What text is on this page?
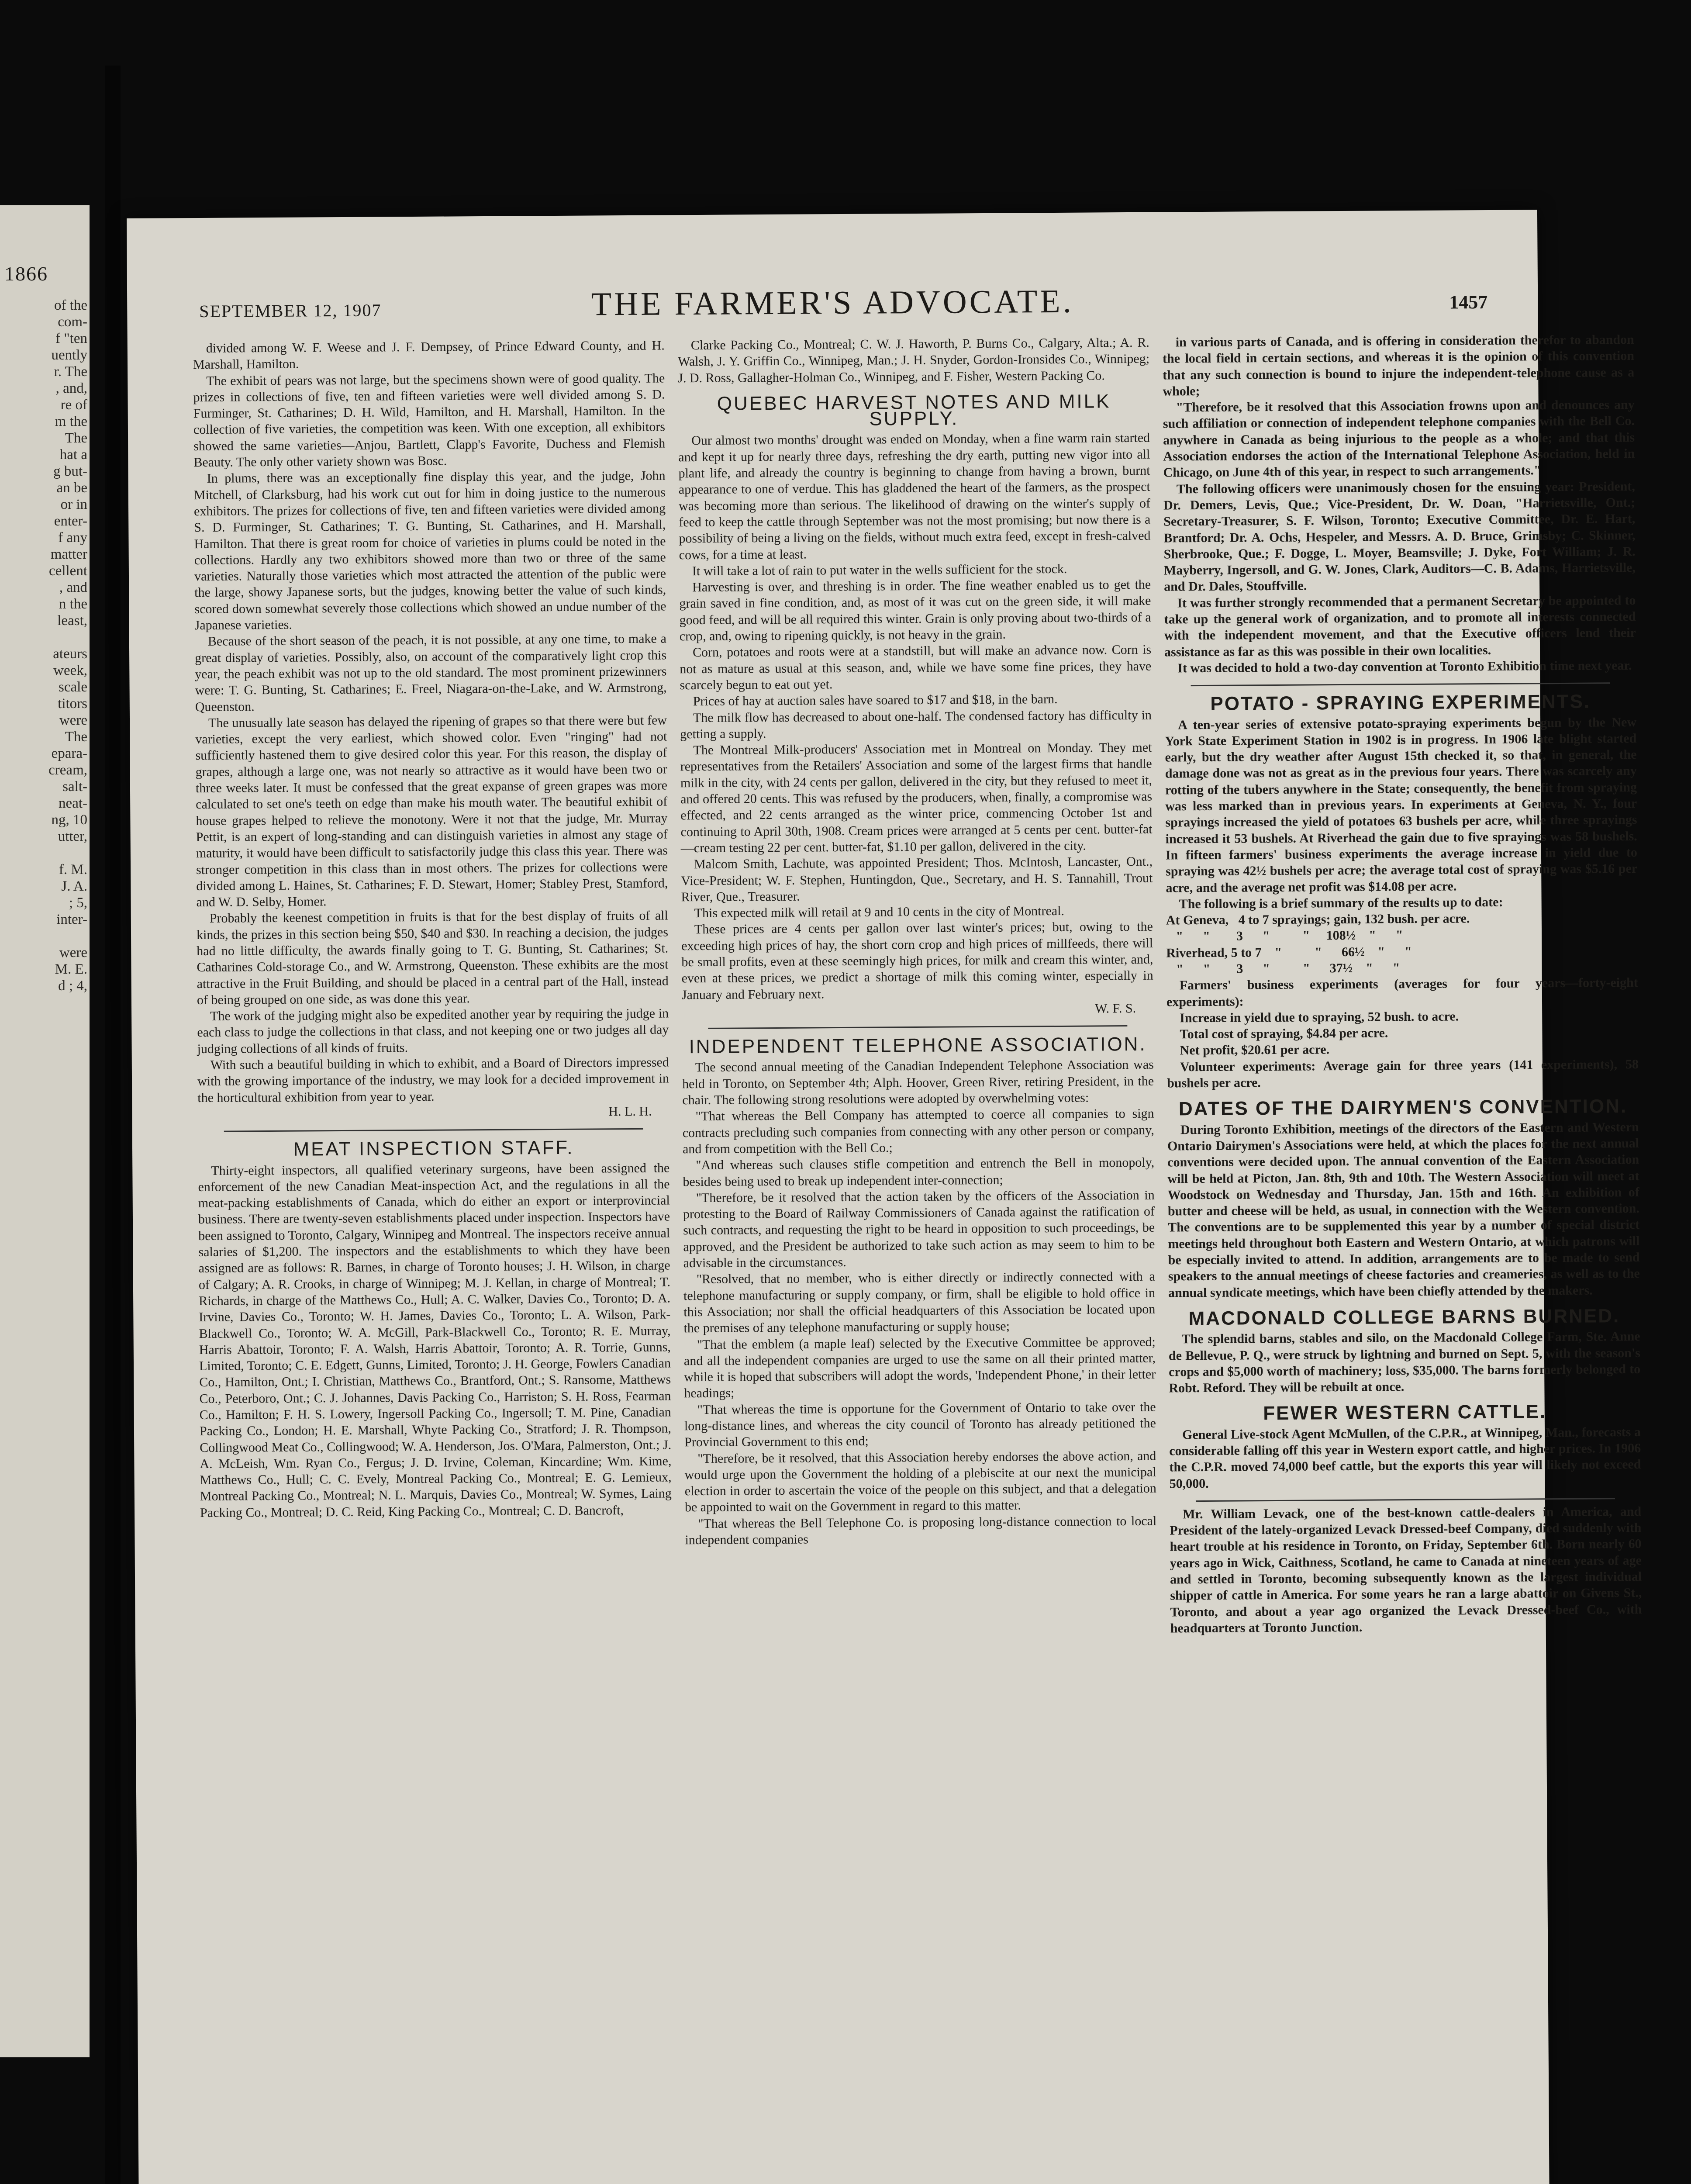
1866
of the
com-
f "ten
uently
r. The
, and,
re of
m the
The
hat a
g but-
an be
or in
enter-
f any
matter
cellent
, and
n the
least,

ateurs
week,
scale
titors
were
The
epara-
cream,
salt-
neat-
ng, 10
utter,

f. M.
J. A.
; 5,
inter-

were
M. E.
d ; 4,
SEPTEMBER 12, 1907	THE FARMER'S ADVOCATE.	1457

divided among W. F. Weese and J. F. Dempsey, of Prince Edward County, and H. Marshall, Hamilton.

The exhibit of pears was not large, but the specimens shown were of good quality. The prizes in collections of five, ten and fifteen varieties were well divided among S. D. Furminger, St. Catharines; D. H. Wild, Hamilton, and H. Marshall, Hamilton. In the collection of five varieties, the competition was keen. With one exception, all exhibitors showed the same varieties—Anjou, Bartlett, Clapp's Favorite, Duchess and Flemish Beauty. The only other variety shown was Bosc.

In plums, there was an exceptionally fine display this year, and the judge, John Mitchell, of Clarksburg, had his work cut out for him in doing justice to the numerous exhibitors. The prizes for collections of five, ten and fifteen varieties were divided among S. D. Furminger, St. Catharines; T. G. Bunting, St. Catharines, and H. Marshall, Hamilton. That there is great room for choice of varieties in plums could be noted in the collections. Hardly any two exhibitors showed more than two or three of the same varieties. Naturally those varieties which most attracted the attention of the public were the large, showy Japanese sorts, but the judges, knowing better the value of such kinds, scored down somewhat severely those collections which showed an undue number of the Japanese varieties.

Because of the short season of the peach, it is not possible, at any one time, to make a great display of varieties. Possibly, also, on account of the comparatively light crop this year, the peach exhibit was not up to the old standard. The most prominent prizewinners were: T. G. Bunting, St. Catharines; E. Freel, Niagara-on-the-Lake, and W. Armstrong, Queenston.

The unusually late season has delayed the ripening of grapes so that there were but few varieties, except the very earliest, which showed color. Even "ringing" had not sufficiently hastened them to give desired color this year. For this reason, the display of grapes, although a large one, was not nearly so attractive as it would have been two or three weeks later. It must be confessed that the great expanse of green grapes was more calculated to set one's teeth on edge than make his mouth water. The beautiful exhibit of house grapes helped to relieve the monotony. Were it not that the judge, Mr. Murray Pettit, is an expert of long-standing and can distinguish varieties in almost any stage of maturity, it would have been difficult to satisfactorily judge this class this year. There was stronger competition in this class than in most others. The prizes for collections were divided among L. Haines, St. Catharines; F. D. Stewart, Homer; Stabley Prest, Stamford, and W. D. Selby, Homer.

Probably the keenest competition in fruits is that for the best display of fruits of all kinds, the prizes in this section being $50, $40 and $30. In reaching a decision, the judges had no little difficulty, the awards finally going to T. G. Bunting, St. Catharines; St. Catharines Cold-storage Co., and W. Armstrong, Queenston. These exhibits are the most attractive in the Fruit Building, and should be placed in a central part of the Hall, instead of being grouped on one side, as was done this year.

The work of the judging might also be expedited another year by requiring the judge in each class to judge the collections in that class, and not keeping one or two judges all day judging collections of all kinds of fruits.

With such a beautiful building in which to exhibit, and a Board of Directors impressed with the growing importance of the industry, we may look for a decided improvement in the horticultural exhibition from year to year.

H. L. H.
MEAT INSPECTION STAFF.

Thirty-eight inspectors, all qualified veterinary surgeons, have been assigned the enforcement of the new Canadian Meat-inspection Act, and the regulations in all the meat-packing establishments of Canada, which do either an export or interprovincial business. There are twenty-seven establishments placed under inspection. Inspectors have been assigned to Toronto, Calgary, Winnipeg and Montreal. The inspectors receive annual salaries of $1,200. The inspectors and the establishments to which they have been assigned are as follows: R. Barnes, in charge of Toronto houses; J. H. Wilson, in charge of Calgary; A. R. Crooks, in charge of Winnipeg; M. J. Kellan, in charge of Montreal; T. Richards, in charge of the Matthews Co., Hull; A. C. Walker, Davies Co., Toronto; D. A. Irvine, Davies Co., Toronto; W. H. James, Davies Co., Toronto; L. A. Wilson, Park-Blackwell Co., Toronto; W. A. McGill, Park-Blackwell Co., Toronto; R. E. Murray, Harris Abattoir, Toronto; F. A. Walsh, Harris Abattoir, Toronto; A. R. Torrie, Gunns, Limited, Toronto; C. E. Edgett, Gunns, Limited, Toronto; J. H. George, Fowlers Canadian Co., Hamilton, Ont.; I. Christian, Matthews Co., Brantford, Ont.; S. Ransome, Matthews Co., Peterboro, Ont.; C. J. Johannes, Davis Packing Co., Harriston; S. H. Ross, Fearman Co., Hamilton; F. H. S. Lowery, Ingersoll Packing Co., Ingersoll; T. M. Pine, Canadian Packing Co., London; H. E. Marshall, Whyte Packing Co., Stratford; J. R. Thompson, Collingwood Meat Co., Collingwood; W. A. Henderson, Jos. O'Mara, Palmerston, Ont.; J. A. McLeish, Wm. Ryan Co., Fergus; J. D. Irvine, Coleman, Kincardine; Wm. Kime, Matthews Co., Hull; C. C. Evely, Montreal Packing Co., Montreal; E. G. Lemieux, Montreal Packing Co., Montreal; N. L. Marquis, Davies Co., Montreal; W. Symes, Laing Packing Co., Montreal; D. C. Reid, King Packing Co., Montreal; C. D. Bancroft,

Clarke Packing Co., Montreal; C. W. J. Haworth, P. Burns Co., Calgary, Alta.; A. R. Walsh, J. Y. Griffin Co., Winnipeg, Man.; J. H. Snyder, Gordon-Ironsides Co., Winnipeg; J. D. Ross, Gallagher-Holman Co., Winnipeg, and F. Fisher, Western Packing Co.

QUEBEC HARVEST NOTES AND MILK SUPPLY.

Our almost two months' drought was ended on Monday, when a fine warm rain started and kept it up for nearly three days, refreshing the dry earth, putting new vigor into all plant life, and already the country is beginning to change from having a brown, burnt appearance to one of verdue. This has gladdened the heart of the farmers, as the prospect was becoming more than serious. The likelihood of drawing on the winter's supply of feed to keep the cattle through September was not the most promising; but now there is a possibility of being a living on the fields, without much extra feed, except in fresh-calved cows, for a time at least.

It will take a lot of rain to put water in the wells sufficient for the stock.

Harvesting is over, and threshing is in order. The fine weather enabled us to get the grain saved in fine condition, and, as most of it was cut on the green side, it will make good feed, and will be all required this winter. Grain is only proving about two-thirds of a crop, and, owing to ripening quickly, is not heavy in the grain.

Corn, potatoes and roots were at a standstill, but will make an advance now. Corn is not as mature as usual at this season, and, while we have some fine prices, they have scarcely begun to eat out yet.

Prices of hay at auction sales have soared to $17 and $18, in the barn.

The milk flow has decreased to about one-half. The condensed factory has difficulty in getting a supply.

The Montreal Milk-producers' Association met in Montreal on Monday. They met representatives from the Retailers' Association and some of the largest firms that handle milk in the city, with 24 cents per gallon, delivered in the city, but they refused to meet it, and offered 20 cents. This was refused by the producers, when, finally, a compromise was effected, and 22 cents arranged as the winter price, commencing October 1st and continuing to April 30th, 1908. Cream prices were arranged at 5 cents per cent. butter-fat—cream testing 22 per cent. butter-fat, $1.10 per gallon, delivered in the city.

Malcom Smith, Lachute, was appointed President; Thos. McIntosh, Lancaster, Ont., Vice-President; W. F. Stephen, Huntingdon, Que., Secretary, and H. S. Tannahill, Trout River, Que., Treasurer.

This expected milk will retail at 9 and 10 cents in the city of Montreal.

These prices are 4 cents per gallon over last winter's prices; but, owing to the exceeding high prices of hay, the short corn crop and high prices of millfeeds, there will be small profits, even at these seemingly high prices, for milk and cream this winter, and, even at these prices, we predict a shortage of milk this coming winter, especially in January and February next.

W. F. S.
INDEPENDENT TELEPHONE ASSOCIATION.

The second annual meeting of the Canadian Independent Telephone Association was held in Toronto, on September 4th; Alph. Hoover, Green River, retiring President, in the chair. The following strong resolutions were adopted by overwhelming votes:

"That whereas the Bell Company has attempted to coerce all companies to sign contracts precluding such companies from connecting with any other person or company, and from competition with the Bell Co.;

"And whereas such clauses stifle competition and entrench the Bell in monopoly, besides being used to break up independent inter-connection;

"Therefore, be it resolved that the action taken by the officers of the Association in protesting to the Board of Railway Commissioners of Canada against the ratification of such contracts, and requesting the right to be heard in opposition to such proceedings, be approved, and the President be authorized to take such action as may seem to him to be advisable in the circumstances.

"Resolved, that no member, who is either directly or indirectly connected with a telephone manufacturing or supply company, or firm, shall be eligible to hold office in this Association; nor shall the official headquarters of this Association be located upon the premises of any telephone manufacturing or supply house;

"That the emblem (a maple leaf) selected by the Executive Committee be approved; and all the independent companies are urged to use the same on all their printed matter, while it is hoped that subscribers will adopt the words, 'Independent Phone,' in their letter headings;

"That whereas the time is opportune for the Government of Ontario to take over the long-distance lines, and whereas the city council of Toronto has already petitioned the Provincial Government to this end;

"Therefore, be it resolved, that this Association hereby endorses the above action, and would urge upon the Government the holding of a plebiscite at our next the municipal election in order to ascertain the voice of the people on this subject, and that a delegation be appointed to wait on the Government in regard to this matter.

"That whereas the Bell Telephone Co. is proposing long-distance connection to local independent companies

in various parts of Canada, and is offering in consideration therefor to abandon the local field in certain sections, and whereas it is the opinion of this convention that any such connection is bound to injure the independent-telephone cause as a whole;

"Therefore, be it resolved that this Association frowns upon and denounces any such affiliation or connection of independent telephone companies with the Bell Co. anywhere in Canada as being injurious to the people as a whole; and that this Association endorses the action of the International Telephone Association, held in Chicago, on June 4th of this year, in respect to such arrangements."

The following officers were unanimously chosen for the ensuing year: President, Dr. Demers, Levis, Que.; Vice-President, Dr. W. Doan, "Harrietsville, Ont.; Secretary-Treasurer, S. F. Wilson, Toronto; Executive Committee, Dr. E. Hart, Brantford; Dr. A. Ochs, Hespeler, and Messrs. A. D. Bruce, Grimsby; C. Skinner, Sherbrooke, Que.; F. Dogge, L. Moyer, Beamsville; J. Dyke, Fort William; J. R. Mayberry, Ingersoll, and G. W. Jones, Clark, Auditors—C. B. Adams, Harrietsville, and Dr. Dales, Stouffville.

It was further strongly recommended that a permanent Secretary be appointed to take up the general work of organization, and to promote all interests connected with the independent movement, and that the Executive officers lend their assistance as far as this was possible in their own localities.

It was decided to hold a two-day convention at Toronto Exhibition time next year.

POTATO - SPRAYING EXPERIMENTS.

A ten-year series of extensive potato-spraying experiments begun by the New York State Experiment Station in 1902 is in progress. In 1906 late blight started early, but the dry weather after August 15th checked it, so that, in general, the damage done was not as great as in the previous four years. There was scarcely any rotting of the tubers anywhere in the State; consequently, the benefit from spraying was less marked than in previous years. In experiments at Geneva, N. Y., four sprayings increased the yield of potatoes 63 bushels per acre, while three sprayings increased it 53 bushels. At Riverhead the gain due to five sprayings was 58 bushels. In fifteen farmers' business experiments the average increase in yield due to spraying was 42½ bushels per acre; the average total cost of spraying was $5.16 per acre, and the average net profit was $14.08 per acre.

The following is a brief summary of the results up to date:

At Geneva,   4 to 7 sprayings; gain, 132 bush. per acre.
"      "        3      "          "     108½    "      "
Riverhead, 5 to 7    "          "      66½    "      "
"      "        3      "          "      37½    "      "

Farmers' business experiments (averages for four years—forty-eight experiments):

Increase in yield due to spraying, 52 bush. to acre.

Total cost of spraying, $4.84 per acre.

Net profit, $20.61 per acre.

Volunteer experiments: Average gain for three years (141 experiments), 58 bushels per acre.

DATES OF THE DAIRYMEN'S CONVENTION.

During Toronto Exhibition, meetings of the directors of the Eastern and Western Ontario Dairymen's Associations were held, at which the places for the next annual conventions were decided upon. The annual convention of the Eastern Association will be held at Picton, Jan. 8th, 9th and 10th. The Western Association will meet at Woodstock on Wednesday and Thursday, Jan. 15th and 16th. An exhibition of butter and cheese will be held, as usual, in connection with the Western convention. The conventions are to be supplemented this year by a number of special district meetings held throughout both Eastern and Western Ontario, at which patrons will be especially invited to attend. In addition, arrangements are to be made to send speakers to the annual meetings of cheese factories and creameries, as well as to the annual syndicate meetings, which have been chiefly attended by the makers.

MACDONALD COLLEGE BARNS BURNED.

The splendid barns, stables and silo, on the Macdonald College Farm, Ste. Anne de Bellevue, P. Q., were struck by lightning and burned on Sept. 5, with the season's crops and $5,000 worth of machinery; loss, $35,000. The barns formerly belonged to Robt. Reford. They will be rebuilt at once.

FEWER WESTERN CATTLE.

General Live-stock Agent McMullen, of the C.P.R., at Winnipeg, Man., forecasts a considerable falling off this year in Western export cattle, and higher prices. In 1906 the C.P.R. moved 74,000 beef cattle, but the exports this year will likely not exceed 50,000.

Mr. William Levack, one of the best-known cattle-dealers in America, and President of the lately-organized Levack Dressed-beef Company, died suddenly with heart trouble at his residence in Toronto, on Friday, September 6th. Born nearly 60 years ago in Wick, Caithness, Scotland, he came to Canada at nineteen years of age and settled in Toronto, becoming subsequently known as the largest individual shipper of cattle in America. For some years he ran a large abattoir on Givens St., Toronto, and about a year ago organized the Levack Dressed-beef Co., with headquarters at Toronto Junction.
